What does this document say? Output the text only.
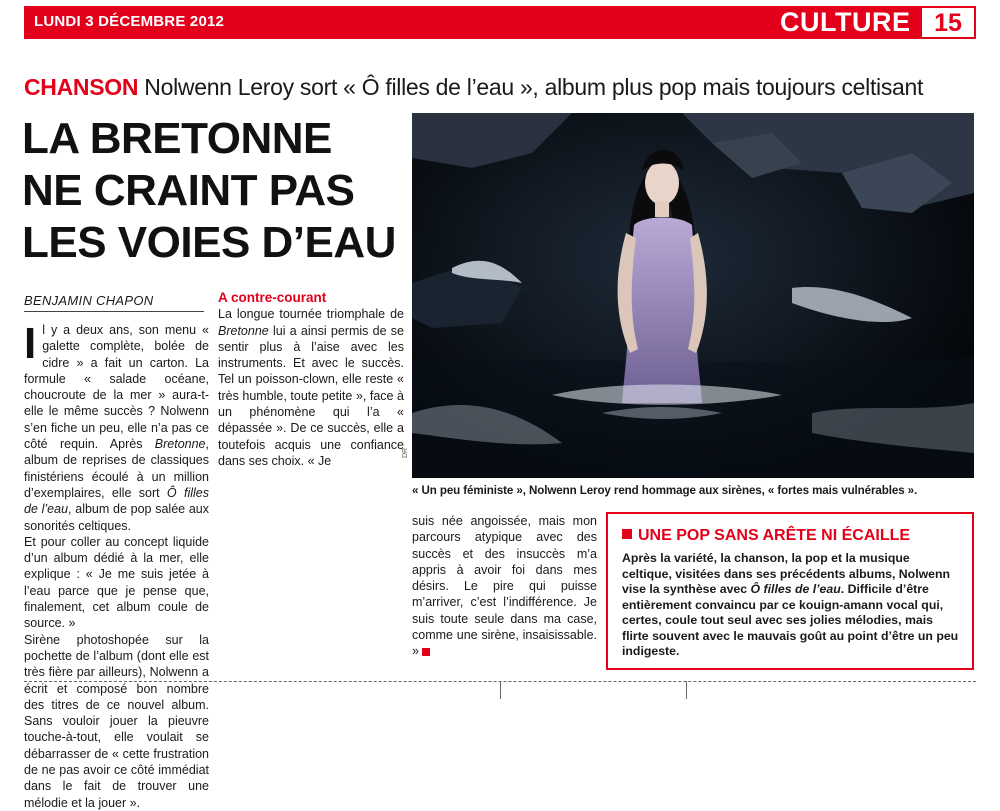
LUNDI 3 DÉCEMBRE 2012	CULTURE 15
CHANSON Nolwenn Leroy sort « Ô filles de l’eau », album plus pop mais toujours celtisant
LA BRETONNE
NE CRAINT PAS
LES VOIES D’EAU
BENJAMIN CHAPON

Il y a deux ans, son menu « galette complète, bolée de cidre » a fait un carton. La formule « salade océane, choucroute de la mer » aura-t-elle le même succès ? Nolwenn s’en fiche un peu, elle n’a pas ce côté requin. Après Bretonne, album de reprises de classiques finistériens écoulé à un million d’exemplaires, elle sort Ô filles de l’eau, album de pop salée aux sonorités celtiques.

Et pour coller au concept liquide d’un album dédié à la mer, elle explique : « Je me suis jetée à l’eau parce que je pense que, finalement, cet album coule de source. »

Sirène photoshopée sur la pochette de l’album (dont elle est très fière par ailleurs), Nolwenn a écrit et composé bon nombre des titres de ce nouvel album. Sans vouloir jouer la pieuvre touche-à-tout, elle voulait se débarrasser de « cette frustration de ne pas avoir ce côté immédiat dans le fait de trouver une mélodie et la jouer ».

A contre-courant

La longue tournée triomphale de Bretonne lui a ainsi permis de se sentir plus à l’aise avec les instruments. Et avec le succès. Tel un poisson-clown, elle reste « très humble, toute petite », face à un phénomène qui l’a « dépassée ». De ce succès, elle a toutefois acquis une confiance dans ses choix. « Je

suis née angoissée, mais mon parcours atypique avec des succès et des insuccès m’a appris à avoir foi dans mes désirs. Le pire qui puisse m’arriver, c’est l’indifférence. Je suis toute seule dans ma case, comme une sirène, insaisissable. »

DR
« Un peu féministe », Nolwenn Leroy rend hommage aux sirènes, « fortes mais vulnérables ».

UNE POP SANS ARÊTE NI ÉCAILLE

Après la variété, la chanson, la pop et la musique celtique, visitées dans ses précédents albums, Nolwenn vise la synthèse avec Ô filles de l’eau. Difficile d’être entièrement convaincu par ce kouign-amann vocal qui, certes, coule tout seul avec ses jolies mélodies, mais flirte souvent avec le mauvais goût au point d’être un peu indigeste.
